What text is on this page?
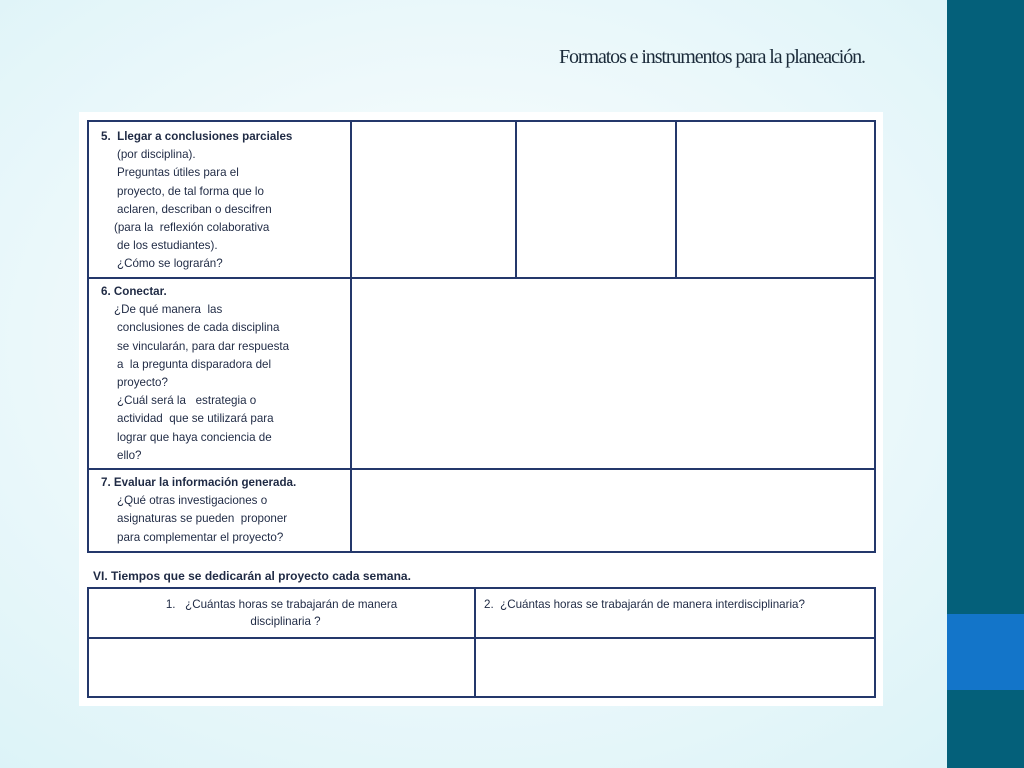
Formatos e instrumentos para la planeación.
5.  Llegar a conclusiones parciales
(por disciplina).
Preguntas útiles para el
proyecto, de tal forma que lo
aclaren, describan o descifren
(para la  reflexión colaborativa
de los estudiantes).
¿Cómo se lograrán?
6. Conectar.
¿De qué manera  las
conclusiones de cada disciplina
se vincularán, para dar respuesta
a  la pregunta disparadora del
proyecto?
¿Cuál será la   estrategia o
actividad  que se utilizará para
lograr que haya conciencia de
ello?
7. Evaluar la información generada.
¿Qué otras investigaciones o
asignaturas se pueden  proponer
para complementar el proyecto?
VI. Tiempos que se dedicarán al proyecto cada semana.
1.   ¿Cuántas horas se trabajarán de manera
disciplinaria ?
2.  ¿Cuántas horas se trabajarán de manera interdisciplinaria?
